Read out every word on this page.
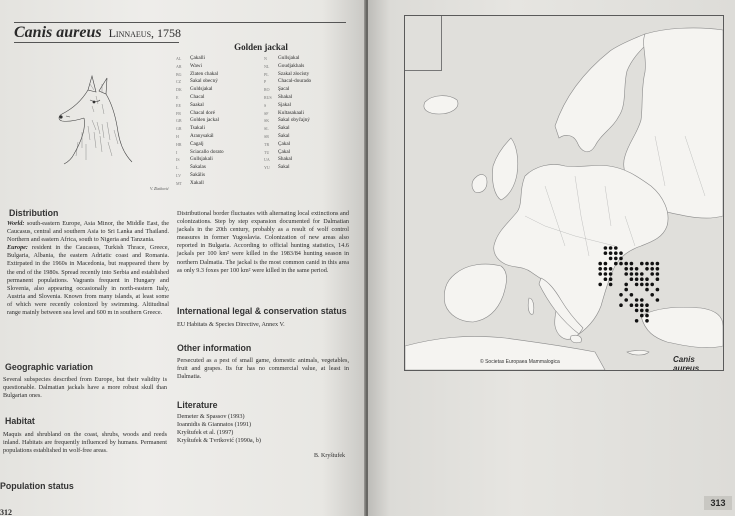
Canis aureus Linnaeus, 1758
V. Zlatković
Golden jackal
AL	Çakalli
AR	Wawi
BG	Zlaten chakal
CZ	Šakal obecný
DK	Guldsjakal
E	Chacal
EE	Šaakal
FR	Chacal doré
GB	Golden jackal
GR	Tsakali
H	Aranysakál
HR	Čagalj
I	Sciacallo dorato
IS	Gullsjakali
L	Šakalas
LV	Šakālis
MT	Xakall
N	Gullsjakal
NL	Goudjakhals
PL	Szakal złocisty
P	Chacal-dourado
RO	Şacal
RUS	Shakal
S	Sjakal
SF	Kultasakaali
SK	Šakal obyčajný
SL	Šakal
SR	Šakal
TR	Çakal
TU	Çakal
UA	Shakal
YU	Šakal
Distribution

World: south-eastern Europe, Asia Minor, the Middle East, the Caucasus, central and southern Asia to Sri Lanka and Thailand. Northern and eastern Africa, south to Nigeria and Tanzania.

Europe: resident in the Caucasus, Turkish Thrace, Greece, Bulgaria, Albania, the eastern Adriatic coast and Romania. Extirpated in the 1960s in Macedonia, but reappeared there by the end of the 1980s. Spread recently into Serbia and established permanent populations. Vagrants frequent in Hungary and Slovenia, also appearing occasionally in north-eastern Italy, Austria and Slovenia. Known from many islands, at least some of which were recently colonized by swimming. Altitudinal range mainly between sea level and 600 m in southern Greece.

Geographic variation
Several subspecies described from Europe, but their validity is questionable. Dalmatian jackals have a more robust skull than Bulgarian ones.
Habitat
Maquis and shrubland on the coast, shrubs, woods and reeds inland. Habitats are frequently influenced by humans. Permanent populations established in wolf-free areas.
Population status
Distributional border fluctuates with alternating local extinctions and colonizations. Step by step expansion documented for Dalmatian jackals in the 20th century, probably as a result of wolf control measures in former Yugoslavia. Colonization of new areas also reported in Bulgaria. According to official hunting statistics, 14.6 jackals per 100 km² were killed in the 1983/84 hunting season in northern Dalmatia. The jackal is the most common canid in this area as only 9.3 foxes per 100 km² were killed in the same period.
International legal & conservation status
EU Habitats & Species Directive, Annex V.
Other information
Persecuted as a pest of small game, domestic animals, vegetables, fruit and grapes. Its fur has no commercial value, at least in Dalmatia.
Literature
Demeter & Spassov (1993)
Ioannidis & Giannatos (1991)
Kryštufek et al. (1997)
Kryštufek & Tvrtković (1990a, b)
B. Kryštufek
312
© Societas Europaea Mammalogica	Canis aureus
313
